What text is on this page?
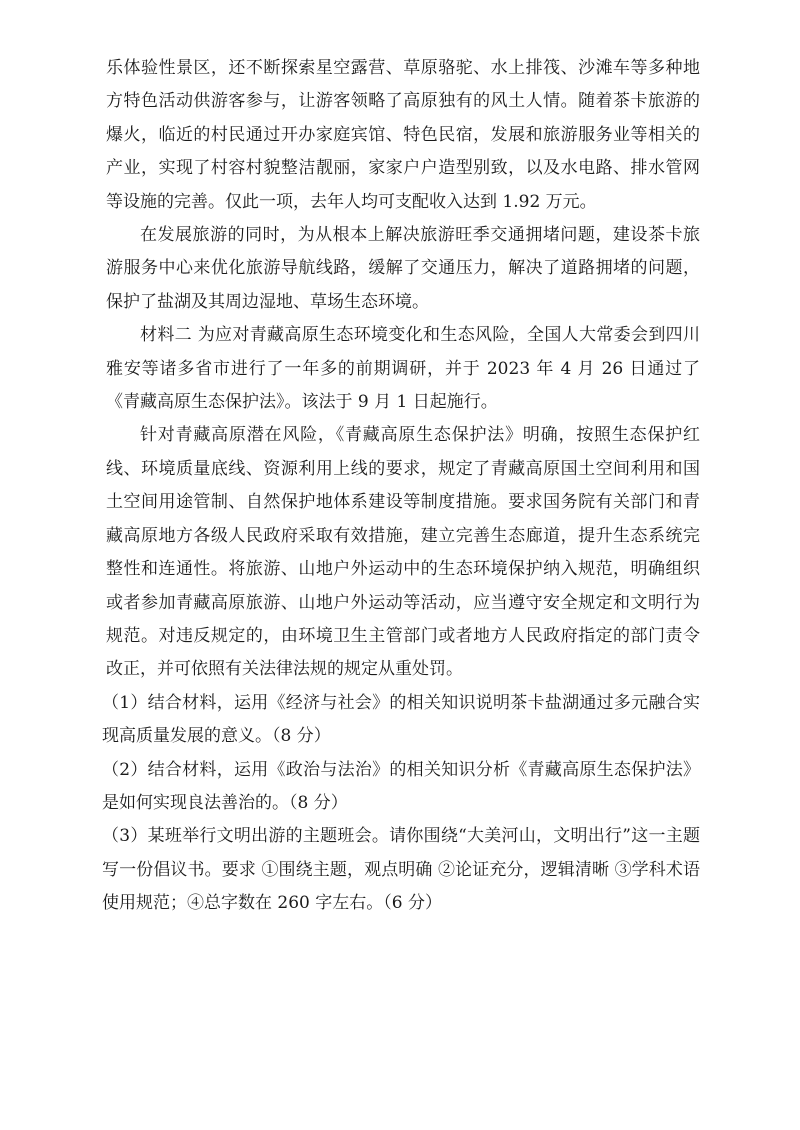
乐体验性景区，还不断探索星空露营、草原骆驼、水上排筏、沙滩车等多种地方特色活动供游客参与，让游客领略了高原独有的风土人情。随着茶卡旅游的爆火，临近的村民通过开办家庭宾馆、特色民宿，发展和旅游服务业等相关的产业，实现了村容村貌整洁靓丽，家家户户造型别致，以及水电路、排水管网等设施的完善。仅此一项，去年人均可支配收入达到 1.92 万元。

在发展旅游的同时，为从根本上解决旅游旺季交通拥堵问题，建设茶卡旅游服务中心来优化旅游导航线路，缓解了交通压力，解决了道路拥堵的问题，保护了盐湖及其周边湿地、草场生态环境。

材料二 为应对青藏高原生态环境变化和生态风险，全国人大常委会到四川雅安等诸多省市进行了一年多的前期调研，并于 2023 年 4 月 26 日通过了《青藏高原生态保护法》。该法于 9 月 1 日起施行。

针对青藏高原潜在风险，《青藏高原生态保护法》明确，按照生态保护红线、环境质量底线、资源利用上线的要求，规定了青藏高原国土空间利用和国土空间用途管制、自然保护地体系建设等制度措施。要求国务院有关部门和青藏高原地方各级人民政府采取有效措施，建立完善生态廊道，提升生态系统完整性和连通性。将旅游、山地户外运动中的生态环境保护纳入规范，明确组织或者参加青藏高原旅游、山地户外运动等活动，应当遵守安全规定和文明行为规范。对违反规定的，由环境卫生主管部门或者地方人民政府指定的部门责令改正，并可依照有关法律法规的规定从重处罚。

（1）结合材料，运用《经济与社会》的相关知识说明茶卡盐湖通过多元融合实现高质量发展的意义。（8 分）

（2）结合材料，运用《政治与法治》的相关知识分析《青藏高原生态保护法》是如何实现良法善治的。（8 分）

（3）某班举行文明出游的主题班会。请你围绕“大美河山，文明出行”这一主题写一份倡议书。要求 ①围绕主题，观点明确 ②论证充分，逻辑清晰 ③学科术语使用规范；④总字数在 260 字左右。（6 分）
